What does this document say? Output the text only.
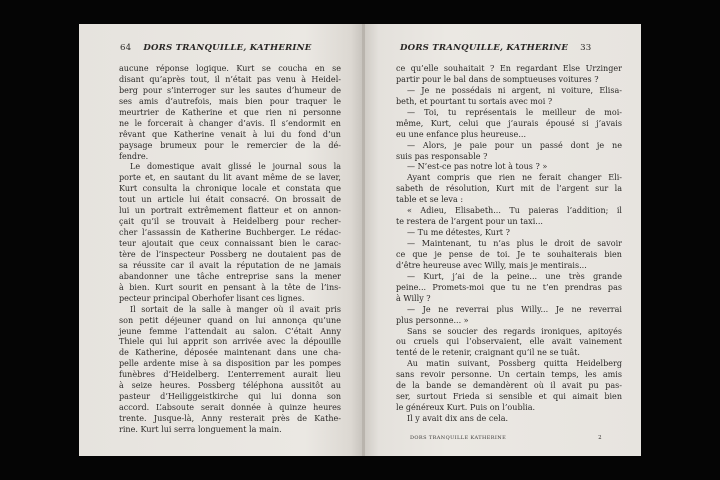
64 DORS TRANQUILLE, KATHERINE
aucune réponse logique. Kurt se coucha en se
disant qu’après tout, il n’était pas venu à Heidel-
berg pour s’interroger sur les sautes d’humeur de
ses amis d’autrefois, mais bien pour traquer le
meurtrier de Katherine et que rien ni personne
ne le forcerait à changer d’avis. Il s’endormit en
rêvant que Katherine venait à lui du fond d’un
paysage brumeux pour le remercier de la dé-
fendre.
Le domestique avait glissé le journal sous la
porte et, en sautant du lit avant même de se laver,
Kurt consulta la chronique locale et constata que
tout un article lui était consacré. On brossait de
lui un portrait extrêmement flatteur et on annon-
çait qu’il se trouvait à Heidelberg pour recher-
cher l’assassin de Katherine Buchberger. Le rédac-
teur ajoutait que ceux connaissant bien le carac-
tère de l’inspecteur Possberg ne doutaient pas de
sa réussite car il avait la réputation de ne jamais
abandonner une tâche entreprise sans la mener
à bien. Kurt sourit en pensant à la tête de l’ins-
pecteur principal Oberhofer lisant ces lignes.
Il sortait de la salle à manger où il avait pris
son petit déjeuner quand on lui annonça qu’une
jeune femme l’attendait au salon. C’était Anny
Thiele qui lui apprit son arrivée avec la dépouille
de Katherine, déposée maintenant dans une cha-
pelle ardente mise à sa disposition par les pompes
funèbres d’Heidelberg. L’enterrement aurait lieu
à seize heures. Possberg téléphona aussitôt au
pasteur d’Heiliggeistkirche qui lui donna son
accord. L’absoute serait donnée à quinze heures
trente. Jusque-là, Anny resterait près de Kathe-
rine. Kurt lui serra longuement la main.
DORS TRANQUILLE, KATHERINE 33
ce qu’elle souhaitait ? En regardant Else Urzinger
partir pour le bal dans de somptueuses voitures ?
— Je ne possédais ni argent, ni voiture, Elisa-
beth, et pourtant tu sortais avec moi ?
— Toi, tu représentais le meilleur de moi-
même, Kurt, celui que j’aurais épousé si j’avais
eu une enfance plus heureuse...
— Alors, je paie pour un passé dont je ne
suis pas responsable ?
— N’est-ce pas notre lot à tous ? »
Ayant compris que rien ne ferait changer Eli-
sabeth de résolution, Kurt mit de l’argent sur la
table et se leva :
« Adieu, Elisabeth... Tu paieras l’addition; il
te restera de l’argent pour un taxi...
— Tu me détestes, Kurt ?
— Maintenant, tu n’as plus le droit de savoir
ce que je pense de toi. Je te souhaiterais bien
d’être heureuse avec Willy, mais je mentirais...
— Kurt, j’ai de la peine... une très grande
peine... Promets-moi que tu ne t’en prendras pas
à Willy ?
— Je ne reverrai plus Willy... Je ne reverrai
plus personne... »
Sans se soucier des regards ironiques, apitoyés
ou cruels qui l’observaient, elle avait vainement
tenté de le retenir, craignant qu’il ne se tuât.
Au matin suivant, Possberg quitta Heidelberg
sans revoir personne. Un certain temps, les amis
de la bande se demandèrent où il avait pu pas-
ser, surtout Frieda si sensible et qui aimait bien
le généreux Kurt. Puis on l’oublia.
Il y avait dix ans de cela.
DORS TRANQUILLE KATHERINE	2
